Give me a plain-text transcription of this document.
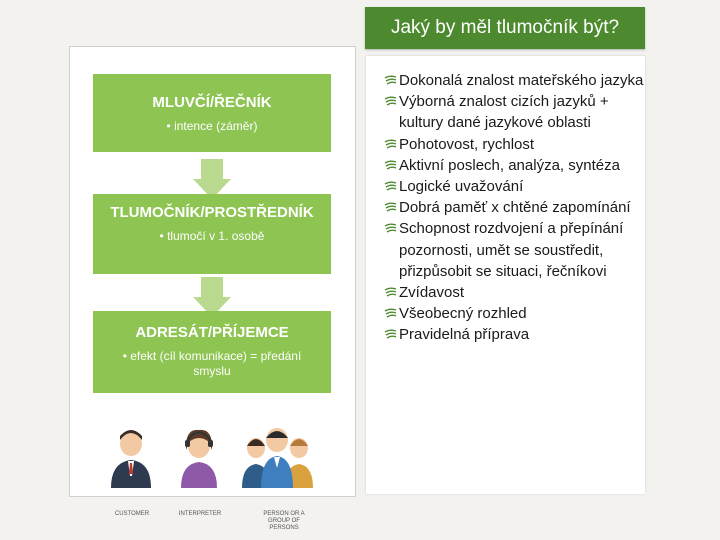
Jaký by měl tlumočník být?
MLUVČÍ/ŘEČNÍK
• intence (záměr)
TLUMOČNÍK/PROSTŘEDNÍK
• tlumočí v 1. osobě
ADRESÁT/PŘÍJEMCE
• efekt (cíl komunikace) = předání smyslu
CUSTOMER	INTERPRETER	PERSON OR A GROUP OF PERSONS
Dokonalá znalost mateřského jazyka
Výborná znalost cizích jazyků + kultury dané jazykové oblasti
Pohotovost, rychlost
Aktivní poslech, analýza, syntéza
Logické uvažování
Dobrá paměť x chtěné zapomínání
Schopnost rozdvojení a přepínání pozornosti, umět se soustředit, přizpůsobit se situaci, řečníkovi
Zvídavost
Všeobecný rozhled
Pravidelná příprava
